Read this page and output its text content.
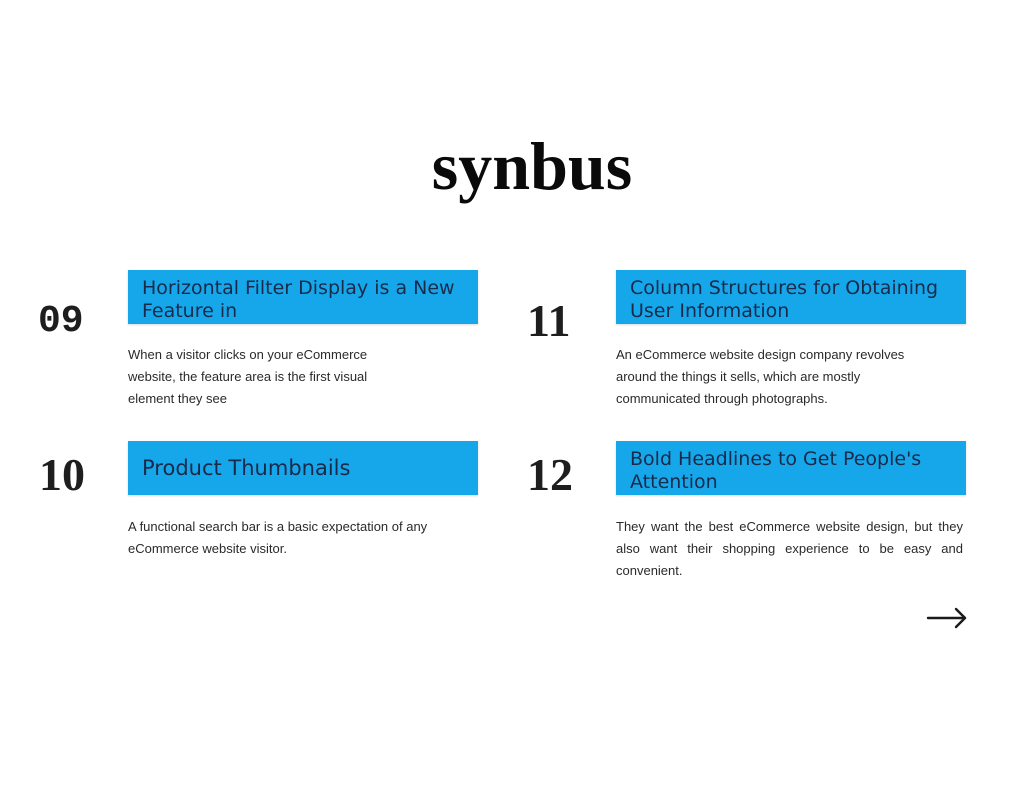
synbus
09
Horizontal Filter Display is a New Feature in
When a visitor clicks on your eCommerce website, the feature area is the first visual element they see
10	Product Thumbnails
A functional search bar is a basic expectation of any eCommerce website visitor.
11
Column Structures for Obtaining User Information
An eCommerce website design company revolves around the things it sells, which are mostly communicated through photographs.
12	Bold Headlines to Get People's Attention
They want the best eCommerce website design, but they also want their shopping experience to be easy and convenient.
